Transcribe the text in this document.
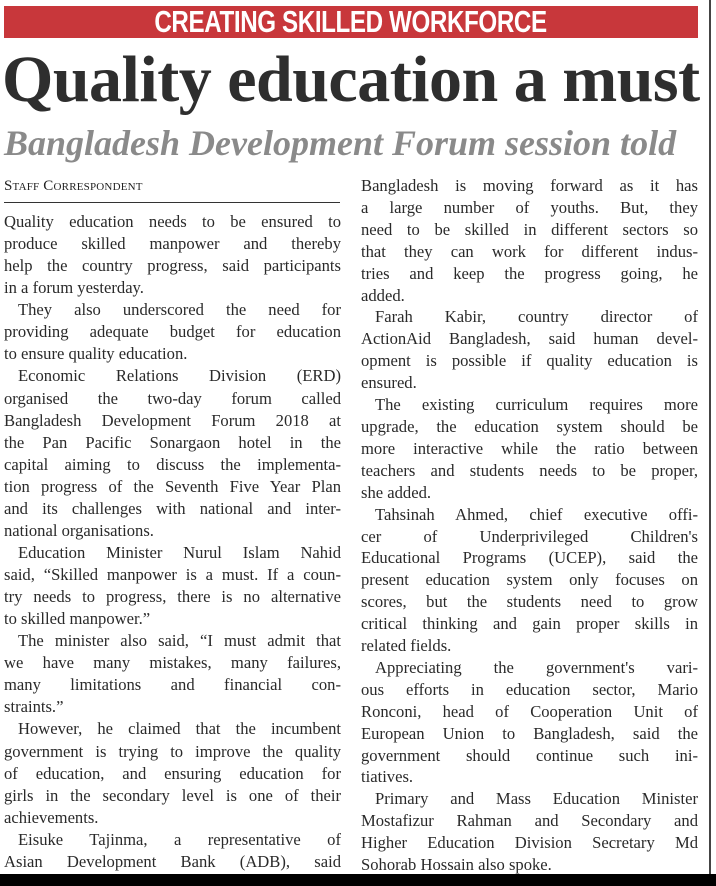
CREATING SKILLED WORKFORCE
Quality education a must
Bangladesh Development Forum session told
Staff Correspondent
Quality education needs to be ensured to
produce skilled manpower and thereby
help the country progress, said participants
in a forum yesterday.
They also underscored the need for
providing adequate budget for education
to ensure quality education.
Economic Relations Division (ERD)
organised the two-day forum called
Bangladesh Development Forum 2018 at
the Pan Pacific Sonargaon hotel in the
capital aiming to discuss the implementa-
tion progress of the Seventh Five Year Plan
and its challenges with national and inter-
national organisations.
Education Minister Nurul Islam Nahid
said, “Skilled manpower is a must. If a coun-
try needs to progress, there is no alternative
to skilled manpower.”
The minister also said, “I must admit that
we have many mistakes, many failures,
many limitations and financial con-
straints.”
However, he claimed that the incumbent
government is trying to improve the quality
of education, and ensuring education for
girls in the secondary level is one of their
achievements.
Eisuke Tajinma, a representative of
Asian Development Bank (ADB), said
Bangladesh is moving forward as it has
a large number of youths. But, they
need to be skilled in different sectors so
that they can work for different indus-
tries and keep the progress going, he
added.
Farah Kabir, country director of
ActionAid Bangladesh, said human devel-
opment is possible if quality education is
ensured.
The existing curriculum requires more
upgrade, the education system should be
more interactive while the ratio between
teachers and students needs to be proper,
she added.
Tahsinah Ahmed, chief executive offi-
cer of Underprivileged Children's
Educational Programs (UCEP), said the
present education system only focuses on
scores, but the students need to grow
critical thinking and gain proper skills in
related fields.
Appreciating the government's vari-
ous efforts in education sector, Mario
Ronconi, head of Cooperation Unit of
European Union to Bangladesh, said the
government should continue such ini-
tiatives.
Primary and Mass Education Minister
Mostafizur Rahman and Secondary and
Higher Education Division Secretary Md
Sohorab Hossain also spoke.
